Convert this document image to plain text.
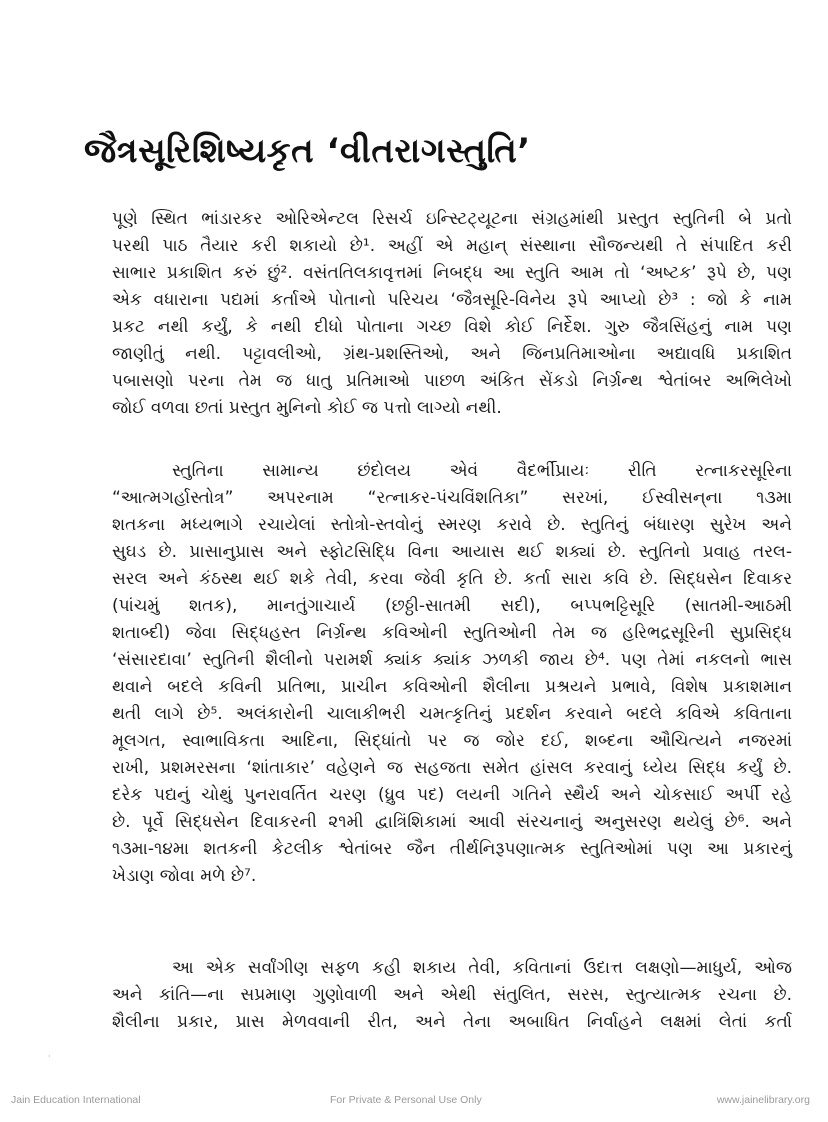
જૈત્રસૂરિશિષ્યકૃત ‘વીતરાગસ્તુતિ’
પૂણે સ્થિત ભાંડારકર ઓરિએન્ટલ રિસર્ચ ઇન્સ્ટિટ્યૂટના સંગ્રહમાંથી પ્રસ્તુત સ્તુતિની બે પ્રતો
પરથી પાઠ તૈયાર કરી શકાયો છે¹. અહીં એ મહાન્ સંસ્થાના સૌજન્યથી તે સંપાદિત કરી
સાભાર પ્રકાશિત કરું છું². વસંતતિલકાવૃત્તમાં નિબદ્ધ આ સ્તુતિ આમ તો ‘અષ્ટક’ રૂપે છે, પણ
એક વધારાના પદ્યમાં કર્તાએ પોતાનો પરિચય ‘જૈત્રસૂરિ-વિનેય રૂપે આપ્યો છે³ : જો કે નામ
પ્રકટ નથી કર્યું, કે નથી દીધો પોતાના ગચ્છ વિશે કોઈ નિર્દેશ. ગુરુ જૈત્રસિંહનું નામ પણ
જાણીતું નથી. પટ્ટાવલીઓ, ગ્રંથ-પ્રશસ્તિઓ, અને જિનપ્રતિમાઓના અદ્યાવધિ પ્રકાશિત
પબાસણો પરના તેમ જ ધાતુ પ્રતિમાઓ પાછળ અંકિત સેંકડો નિર્ગ્રન્થ શ્વેતાંબર અભિલેખો
જોઈ વળવા છતાં પ્રસ્તુત મુનિનો કોઈ જ પત્તો લાગ્યો નથી.
સ્તુતિના સામાન્ય છંદોલય એવં વૈદર્ભીપ્રાયઃ રીતિ રત્નાકરસૂરિના
“આત્મગર્હાસ્તોત્ર” અપરનામ “રત્નાકર-પંચવિંશતિકા” સરખાં, ઈસ્વીસન્‌ના ૧૩મા
શતકના મધ્યભાગે રચાયેલાં સ્તોત્રો-સ્તવોનું સ્મરણ કરાવે છે. સ્તુતિનું બંધારણ સુરેખ અને
સુઘડ છે. પ્રાસાનુપ્રાસ અને સ્ફોટસિદ્ધિ વિના આયાસ થઈ શક્યાં છે. સ્તુતિનો પ્રવાહ તરલ-
સરલ અને કંઠસ્થ થઈ શકે તેવી, કરવા જેવી કૃતિ છે. કર્તા સારા કવિ છે. સિદ્ધસેન દિવાકર
(પાંચમું શતક), માનતુંગાચાર્ય (છઠ્ઠી-સાતમી સદી), બપ્પભટ્ટિસૂરિ (સાતમી-આઠમી
શતાબ્દી) જેવા સિદ્ધહસ્ત નિર્ગ્રન્થ કવિઓની સ્તુતિઓની તેમ જ હરિભદ્રસૂરિની સુપ્રસિદ્ધ
‘સંસારદાવા’ સ્તુતિની શૈલીનો પરામર્શ ક્યાંક ક્યાંક ઝળકી જાય છે⁴. પણ તેમાં નકલનો ભાસ
થવાને બદલે કવિની પ્રતિભા, પ્રાચીન કવિઓની શૈલીના પ્રશ્રયને પ્રભાવે, વિશેષ પ્રકાશમાન
થતી લાગે છે⁵. અલંકારોની ચાલાકીભરી ચમત્કૃતિનું પ્રદર્શન કરવાને બદલે કવિએ કવિતાના
મૂલગત, સ્વાભાવિકતા આદિના, સિદ્ધાંતો પર જ જોર દઈ, શબ્દના ઔચિત્યને નજરમાં
રાખી, પ્રશમરસના ‘શાંતાકાર’ વહેણને જ સહજતા સમેત હાંસલ કરવાનું ધ્યેય સિદ્ધ કર્યું છે.
દરેક પદ્યનું ચોથું પુનરાવર્તિત ચરણ (ધ્રુવ પદ) લયની ગતિને સ્થૈર્ય અને ચોકસાઈ અર્પી રહે
છે. પૂર્વે સિદ્ધસેન દિવાકરની ૨૧મી દ્વાત્રિંશિકામાં આવી સંરચનાનું અનુસરણ થયેલું છે⁶. અને
૧૩મા-૧૪મા શતકની કેટલીક શ્વેતાંબર જૈન તીર્થનિરૂપણાત્મક સ્તુતિઓમાં પણ આ પ્રકારનું
ખેડાણ જોવા મળે છે⁷.
આ એક સર્વાંગીણ સફળ કહી શકાય તેવી, કવિતાનાં ઉદાત્ત લક્ષણો—માધુર્ય, ઓજ
અને કાંતિ—ના સપ્રમાણ ગુણોવાળી અને એથી સંતુલિત, સરસ, સ્તુત્યાત્મક રચના છે.
શૈલીના પ્રકાર, પ્રાસ મેળવવાની રીત, અને તેના અબાધિત નિર્વાહને લક્ષમાં લેતાં કર્તા
·
Jain Education International	For Private & Personal Use Only	www.jainelibrary.org
